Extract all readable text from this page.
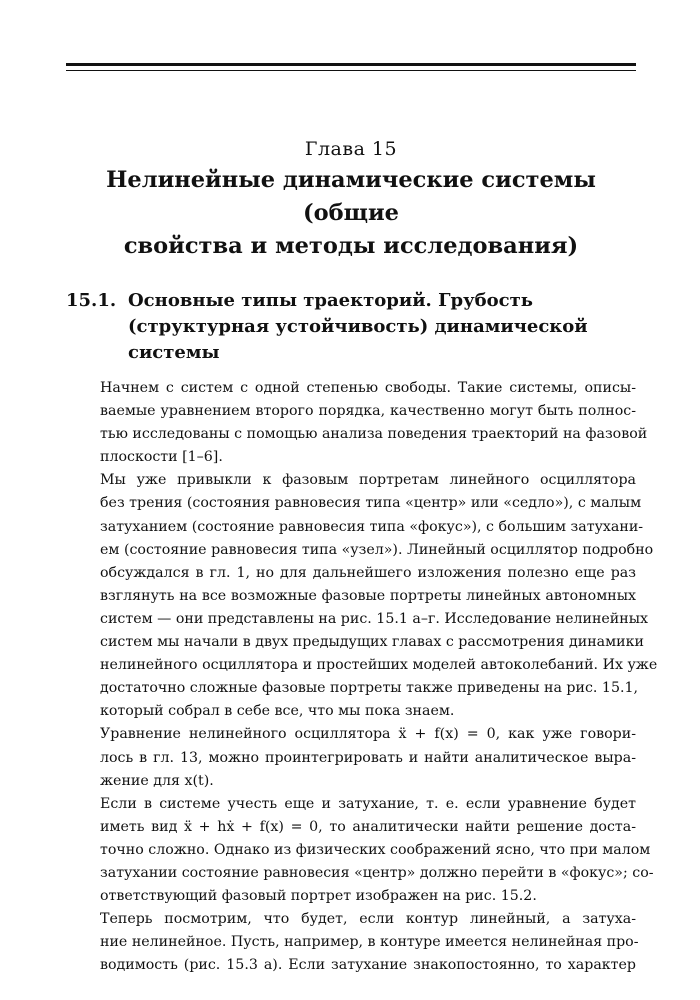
Глава 15
Нелинейные динамические системы (общие
свойства и методы исследования)
15.1. Основные типы траекторий. Грубость
(структурная устойчивость) динамической
системы

Начнем с систем с одной степенью свободы. Такие системы, описы-
ваемые уравнением второго порядка, качественно могут быть полнос-
тью исследованы с помощью анализа поведения траекторий на фазовой
плоскости [1–6].

Мы уже привыкли к фазовым портретам линейного осциллятора
без трения (состояния равновесия типа «центр» или «седло»), с малым
затуханием (состояние равновесия типа «фокус»), с большим затухани-
ем (состояние равновесия типа «узел»). Линейный осциллятор подробно
обсуждался в гл. 1, но для дальнейшего изложения полезно еще раз
взглянуть на все возможные фазовые портреты линейных автономных
систем — они представлены на рис. 15.1 а–г. Исследование нелинейных
систем мы начали в двух предыдущих главах с рассмотрения динамики
нелинейного осциллятора и простейших моделей автоколебаний. Их уже
достаточно сложные фазовые портреты также приведены на рис. 15.1,
который собрал в себе все, что мы пока знаем.

Уравнение нелинейного осциллятора ẍ + f(x) = 0, как уже говори-
лось в гл. 13, можно проинтегрировать и найти аналитическое выра-
жение для x(t).

Если в системе учесть еще и затухание, т. е. если уравнение будет
иметь вид ẍ + hẋ + f(x) = 0, то аналитически найти решение доста-
точно сложно. Однако из физических соображений ясно, что при малом
затухании состояние равновесия «центр» должно перейти в «фокус»; со-
ответствующий фазовый портрет изображен на рис. 15.2.

Теперь посмотрим, что будет, если контур линейный, а затуха-
ние нелинейное. Пусть, например, в контуре имеется нелинейная про-
водимость (рис. 15.3 а). Если затухание знакопостоянно, то характер
